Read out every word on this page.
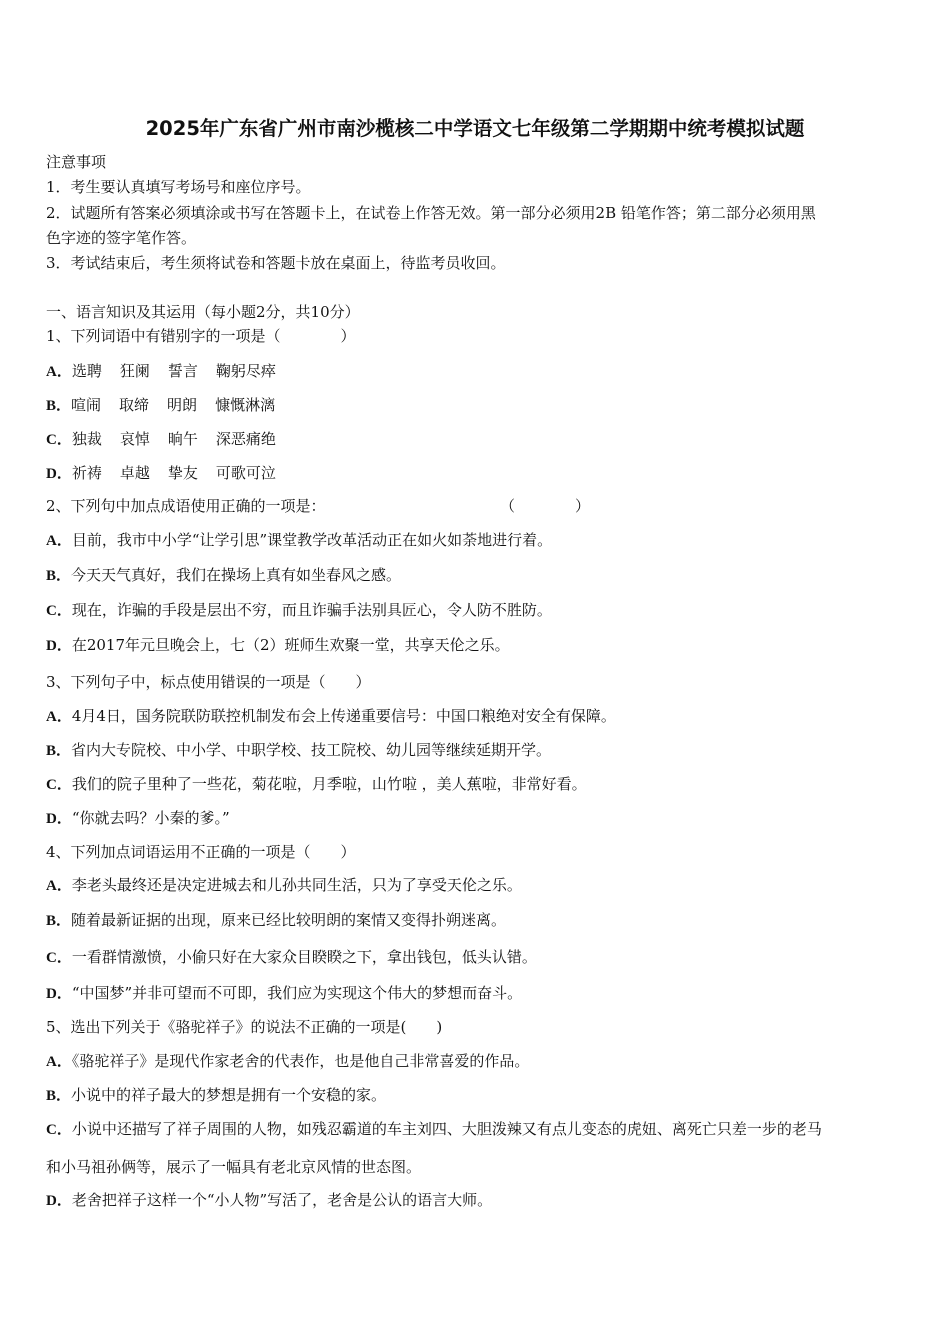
2025年广东省广州市南沙榄核二中学语文七年级第二学期期中统考模拟试题
注意事项
1．考生要认真填写考场号和座位序号。
2．试题所有答案必须填涂或书写在答题卡上，在试卷上作答无效。第一部分必须用2B 铅笔作答；第二部分必须用黑
色字迹的签字笔作答。
3．考试结束后，考生须将试卷和答题卡放在桌面上，待监考员收回。
一、语言知识及其运用（每小题2分，共10分）
1、下列词语中有错别字的一项是（　　　　）
A．选聘 狂阑 誓言 鞠躬尽瘁
B．喧闹 取缔 明朗 慷慨淋漓
C．独裁 哀悼 晌午 深恶痛绝
D．祈祷 卓越 挚友 可歌可泣
2、下列句中加点成语使用正确的一项是：	（　　　　）
A．目前，我市中小学“让学引思”课堂教学改革活动正在如火如荼地进行着。
B．今天天气真好，我们在操场上真有如坐春风之感。
C．现在，诈骗的手段是层出不穷，而且诈骗手法别具匠心，令人防不胜防。
D．在2017年元旦晚会上，七（2）班师生欢聚一堂，共享天伦之乐。
3、下列句子中，标点使用错误的一项是（　　）
A．4月4日，国务院联防联控机制发布会上传递重要信号：中国口粮绝对安全有保障。
B．省内大专院校、中小学、中职学校、技工院校、幼儿园等继续延期开学。
C．我们的院子里种了一些花，菊花啦，月季啦，山竹啦 ，美人蕉啦，非常好看。
D．“你就去吗？小秦的爹。”
4、下列加点词语运用不正确的一项是（　　）
A．李老头最终还是决定进城去和儿孙共同生活，只为了享受天伦之乐。
B．随着最新证据的出现，原来已经比较明朗的案情又变得扑朔迷离。
C．一看群情激愤，小偷只好在大家众目睽睽之下，拿出钱包，低头认错。
D．“中国梦”并非可望而不可即，我们应为实现这个伟大的梦想而奋斗。
5、选出下列关于《骆驼祥子》的说法不正确的一项是(　　)
A．《骆驼祥子》是现代作家老舍的代表作，也是他自己非常喜爱的作品。
B．小说中的祥子最大的梦想是拥有一个安稳的家。
C．小说中还描写了祥子周围的人物，如残忍霸道的车主刘四、大胆泼辣又有点儿变态的虎妞、离死亡只差一步的老马
和小马祖孙俩等，展示了一幅具有老北京风情的世态图。
D．老舍把祥子这样一个“小人物”写活了，老舍是公认的语言大师。
